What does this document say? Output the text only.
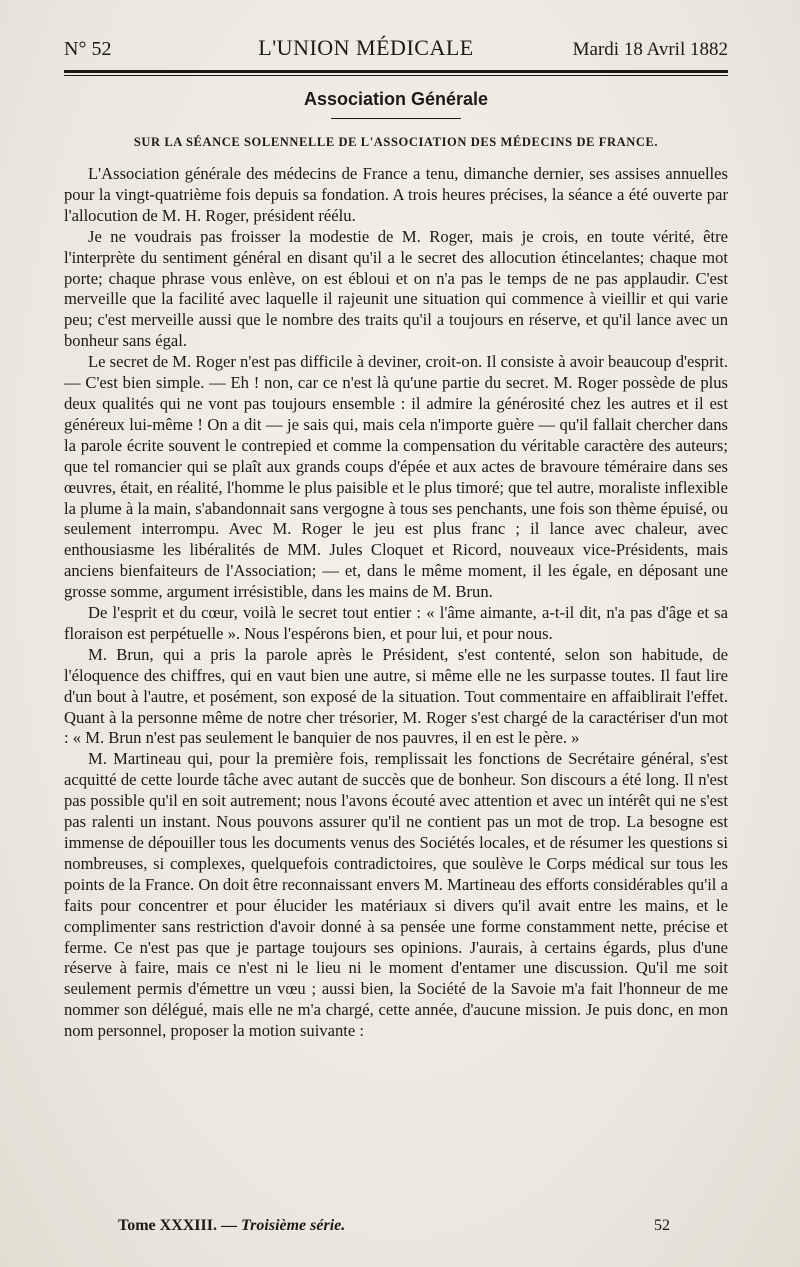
N° 52	L'UNION MÉDICALE	Mardi 18 Avril 1882
Association Générale
SUR LA SÉANCE SOLENNELLE DE L'ASSOCIATION DES MÉDECINS DE FRANCE.

L'Association générale des médecins de France a tenu, dimanche dernier, ses assises annuelles pour la vingt-quatrième fois depuis sa fondation. A trois heures précises, la séance a été ouverte par l'allocution de M. H. Roger, président réélu.

Je ne voudrais pas froisser la modestie de M. Roger, mais je crois, en toute vérité, être l'interprète du sentiment général en disant qu'il a le secret des allocution étincelantes; chaque mot porte; chaque phrase vous enlève, on est ébloui et on n'a pas le temps de ne pas applaudir. C'est merveille que la facilité avec laquelle il rajeunit une situation qui commence à vieillir et qui varie peu; c'est merveille aussi que le nombre des traits qu'il a toujours en réserve, et qu'il lance avec un bonheur sans égal.

Le secret de M. Roger n'est pas difficile à deviner, croit-on. Il consiste à avoir beaucoup d'esprit. — C'est bien simple. — Eh ! non, car ce n'est là qu'une partie du secret. M. Roger possède de plus deux qualités qui ne vont pas toujours ensemble : il admire la générosité chez les autres et il est généreux lui-même ! On a dit — je sais qui, mais cela n'importe guère — qu'il fallait chercher dans la parole écrite souvent le contrepied et comme la compensation du véritable caractère des auteurs; que tel romancier qui se plaît aux grands coups d'épée et aux actes de bravoure téméraire dans ses œuvres, était, en réalité, l'homme le plus paisible et le plus timoré; que tel autre, moraliste inflexible la plume à la main, s'abandonnait sans vergogne à tous ses penchants, une fois son thème épuisé, ou seulement interrompu. Avec M. Roger le jeu est plus franc ; il lance avec chaleur, avec enthousiasme les libéralités de MM. Jules Cloquet et Ricord, nouveaux vice-Présidents, mais anciens bienfaiteurs de l'Association; — et, dans le même moment, il les égale, en déposant une grosse somme, argument irrésistible, dans les mains de M. Brun.

De l'esprit et du cœur, voilà le secret tout entier : « l'âme aimante, a-t-il dit, n'a pas d'âge et sa floraison est perpétuelle ». Nous l'espérons bien, et pour lui, et pour nous.

M. Brun, qui a pris la parole après le Président, s'est contenté, selon son habitude, de l'éloquence des chiffres, qui en vaut bien une autre, si même elle ne les surpasse toutes. Il faut lire d'un bout à l'autre, et posément, son exposé de la situation. Tout commentaire en affaiblirait l'effet. Quant à la personne même de notre cher trésorier, M. Roger s'est chargé de la caractériser d'un mot : « M. Brun n'est pas seulement le banquier de nos pauvres, il en est le père. »

M. Martineau qui, pour la première fois, remplissait les fonctions de Secrétaire général, s'est acquitté de cette lourde tâche avec autant de succès que de bonheur. Son discours a été long. Il n'est pas possible qu'il en soit autrement; nous l'avons écouté avec attention et avec un intérêt qui ne s'est pas ralenti un instant. Nous pouvons assurer qu'il ne contient pas un mot de trop. La besogne est immense de dépouiller tous les documents venus des Sociétés locales, et de résumer les questions si nombreuses, si complexes, quelquefois contradictoires, que soulève le Corps médical sur tous les points de la France. On doit être reconnaissant envers M. Martineau des efforts considérables qu'il a faits pour concentrer et pour élucider les matériaux si divers qu'il avait entre les mains, et le complimenter sans restriction d'avoir donné à sa pensée une forme constamment nette, précise et ferme. Ce n'est pas que je partage toujours ses opinions. J'aurais, à certains égards, plus d'une réserve à faire, mais ce n'est ni le lieu ni le moment d'entamer une discussion. Qu'il me soit seulement permis d'émettre un vœu ; aussi bien, la Société de la Savoie m'a fait l'honneur de me nommer son délégué, mais elle ne m'a chargé, cette année, d'aucune mission. Je puis donc, en mon nom personnel, proposer la motion suivante :

Tome XXXIII. — Troisième série.	52
